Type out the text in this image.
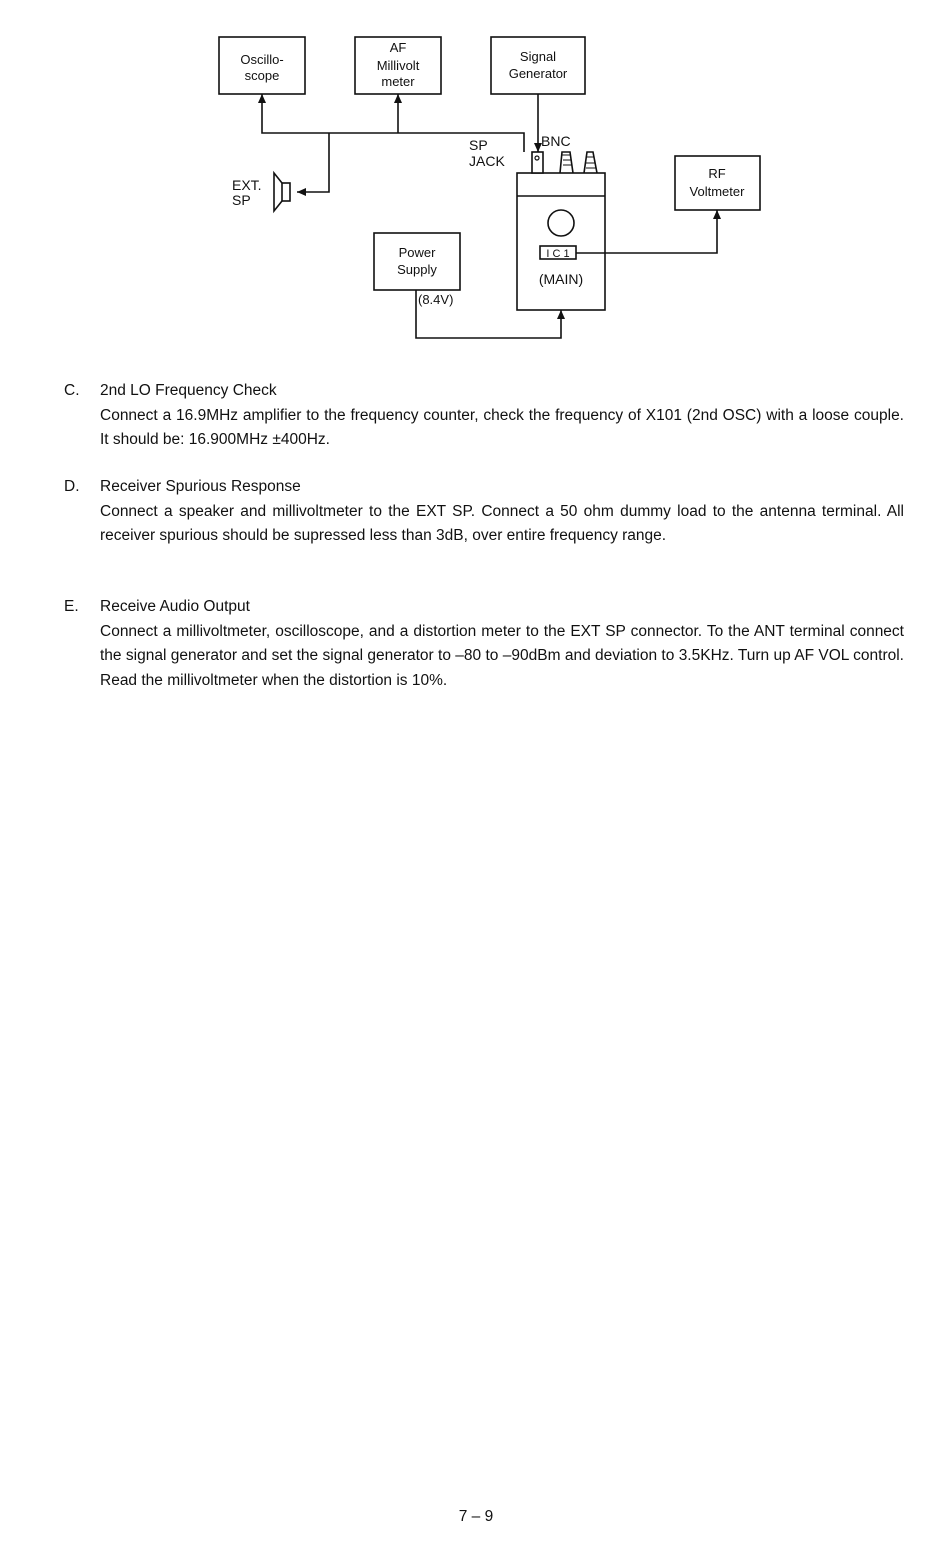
Oscillo-
scope
AF
Millivolt
meter
Signal
Generator
RF
Voltmeter
Power
Supply
I C 1
(MAIN)
SP
JACK
BNC
EXT.
SP
(8.4V)
C.	2nd LO Frequency Check
Connect a 16.9MHz amplifier to the frequency counter, check the frequency of X101 (2nd OSC) with a loose couple. It should be: 16.900MHz ±400Hz.
D.	Receiver Spurious Response
Connect a speaker and millivoltmeter to the EXT SP. Connect a 50 ohm dummy load to the antenna terminal. All receiver spurious should be supressed less than 3dB, over entire frequency range.
E.	Receive Audio Output
Connect a millivoltmeter, oscilloscope, and a distortion meter to the EXT SP connector. To the ANT terminal connect the signal generator and set the signal generator to –80 to –90dBm and deviation to 3.5KHz. Turn up AF VOL control. Read the millivoltmeter when the distortion is 10%.
7 – 9
